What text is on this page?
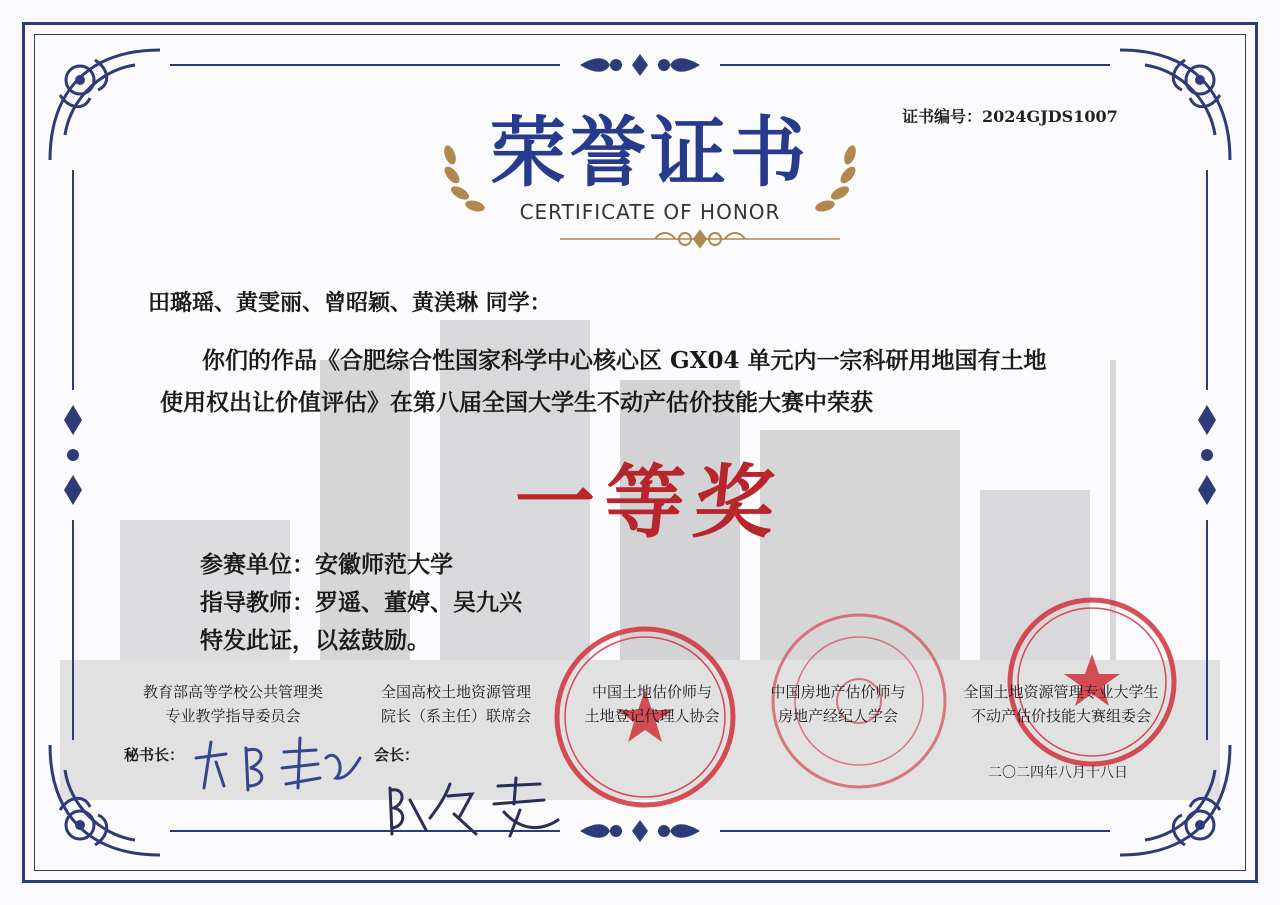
证书编号：2024GJDS1007
荣誉证书
CERTIFICATE OF HONOR
田璐瑶、黄雯丽、曾昭颖、黄渼琳 同学：
你们的作品《合肥综合性国家科学中心核心区 GX04 单元内一宗科研用地国有土地
使用权出让价值评估》在第八届全国大学生不动产估价技能大赛中荣获
一等奖
参赛单位：安徽师范大学
指导教师：罗遥、董婷、吴九兴
特发此证，以兹鼓励。
教育部高等学校公共管理类
专业教学指导委员会
全国高校土地资源管理
院长（系主任）联席会
中国土地估价师与
土地登记代理人协会
中国房地产估价师与
房地产经纪人学会
全国土地资源管理专业大学生
不动产估价技能大赛组委会
秘书长：	会长：
二〇二四年八月十八日
